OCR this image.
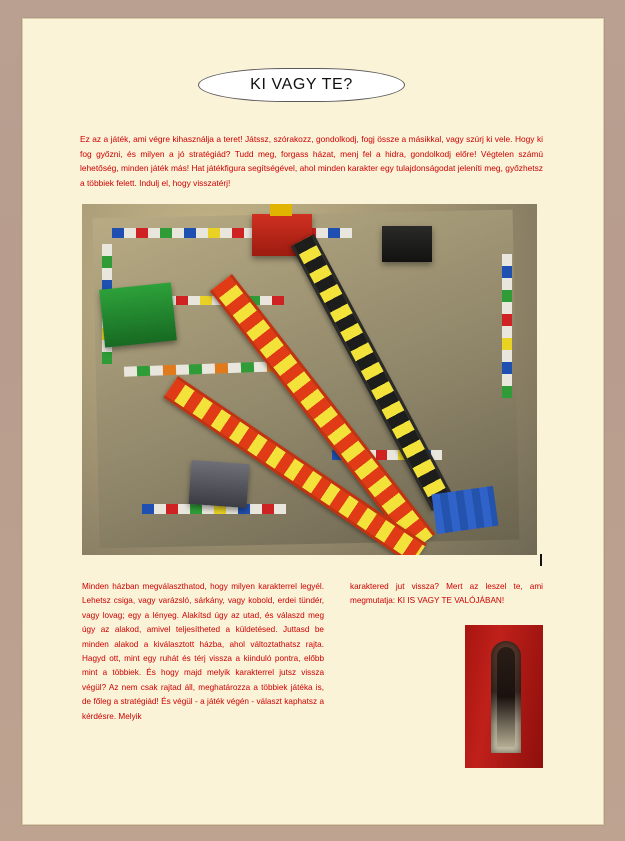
KI VAGY TE?
Ez az a játék, ami végre kihasználja a teret! Játssz, szórakozz, gondolkodj, fogj össze a másikkal, vagy szúrj ki vele. Hogy ki fog győzni, és milyen a jó stratégiád? Tudd meg, forgass házat, menj fel a hidra, gondolkodj előre! Végtelen számú lehetőség, minden játék más! Hat játékfigura segítségével, ahol minden karakter egy tulajdonságodat jeleníti meg, győzhetsz a többiek felett. Indulj el, hogy visszatérj!
Minden házban megválaszthatod, hogy milyen karakterrel legyél. Lehetsz csiga, vagy varázsló, sárkány, vagy kobold, erdei tündér, vagy lovag; egy a lényeg. Alakítsd úgy az utad, és válaszd meg úgy az alakod, amivel teljesítheted a küldetésed. Juttasd be minden alakod a kiválasztott házba, ahol változtathatsz rajta. Hagyd ott, mint egy ruhát és térj vissza a kiinduló pontra, előbb mint a többiek. És hogy majd melyik karakterrel jutsz vissza végül? Az nem csak rajtad áll, meghatározza a többiek játéka is, de főleg a stratégiád! És végül - a játék végén - választ kaphatsz a kérdésre. Melyik
karaktered jut vissza? Mert az leszel te, ami megmutatja: KI IS VAGY TE VALÓJÁBAN!
